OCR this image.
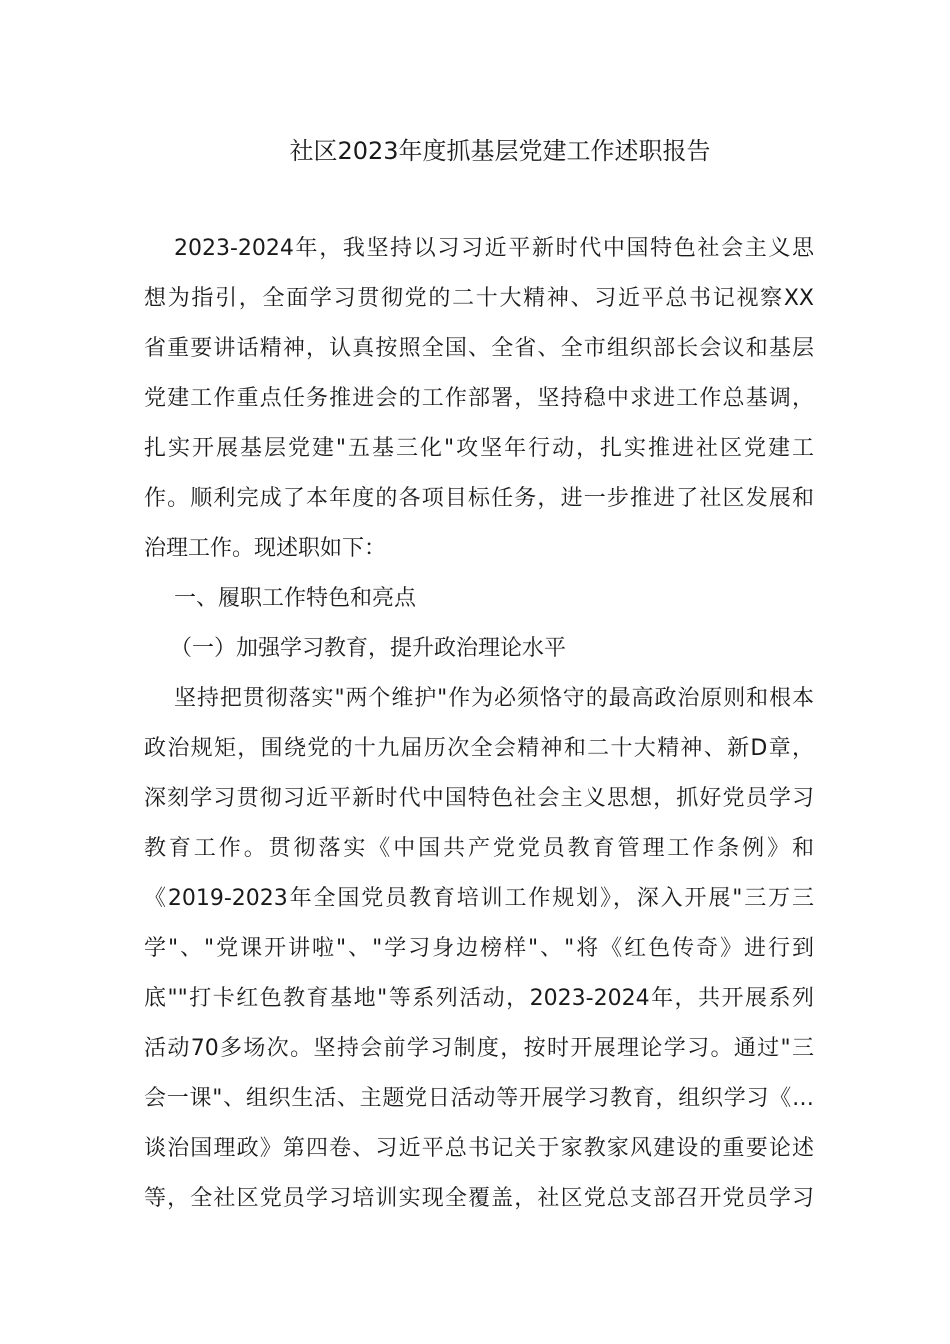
社区2023年度抓基层党建工作述职报告
2023-2024年，我坚持以习习近平新时代中国特色社会主义思
想为指引，全面学习贯彻党的二十大精神、习近平总书记视察XX
省重要讲话精神，认真按照全国、全省、全市组织部长会议和基层
党建工作重点任务推进会的工作部署，坚持稳中求进工作总基调，
扎实开展基层党建"五基三化"攻坚年行动，扎实推进社区党建工
作。顺利完成了本年度的各项目标任务，进一步推进了社区发展和
治理工作。现述职如下：
一、履职工作特色和亮点
（一）加强学习教育，提升政治理论水平
坚持把贯彻落实"两个维护"作为必须恪守的最高政治原则和根本
政治规矩，围绕党的十九届历次全会精神和二十大精神、新D章，
深刻学习贯彻习近平新时代中国特色社会主义思想，抓好党员学习
教育工作。贯彻落实《中国共产党党员教育管理工作条例》和
《2019-2023年全国党员教育培训工作规划》，深入开展"三万三
学"、"党课开讲啦"、"学习身边榜样"、"将《红色传奇》进行到
底""打卡红色教育基地"等系列活动，2023-2024年，共开展系列
活动70多场次。坚持会前学习制度，按时开展理论学习。通过"三
会一课"、组织生活、主题党日活动等开展学习教育，组织学习《…
谈治国理政》第四卷、习近平总书记关于家教家风建设的重要论述
等，全社区党员学习培训实现全覆盖，社区党总支部召开党员学习
